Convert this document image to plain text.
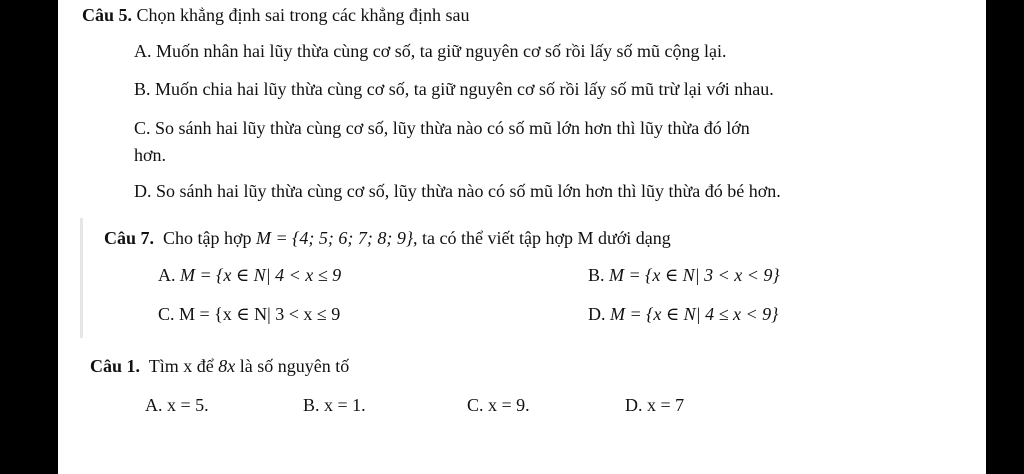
Câu 5. Chọn khẳng định sai trong các khẳng định sau
A. Muốn nhân hai lũy thừa cùng cơ số, ta giữ nguyên cơ số rồi lấy số mũ cộng lại.
B. Muốn chia hai lũy thừa cùng cơ số, ta giữ nguyên cơ số rồi lấy số mũ trừ lại với nhau.
C. So sánh hai lũy thừa cùng cơ số, lũy thừa nào có số mũ lớn hơn thì lũy thừa đó lớn
hơn.
D. So sánh hai lũy thừa cùng cơ số, lũy thừa nào có số mũ lớn hơn thì lũy thừa đó bé hơn.
Câu 7. Cho tập hợp M = {4; 5; 6; 7; 8; 9}, ta có thể viết tập hợp M dưới dạng
A. M = {x ∈ N| 4 < x ≤ 9	B. M = {x ∈ N| 3 < x < 9}
C. M = {x ∈ N| 3 < x ≤ 9	D. M = {x ∈ N| 4 ≤ x < 9}
Câu 1. Tìm x để 8x là số nguyên tố
A. x = 5.	B. x = 1.	C. x = 9.	D. x = 7
